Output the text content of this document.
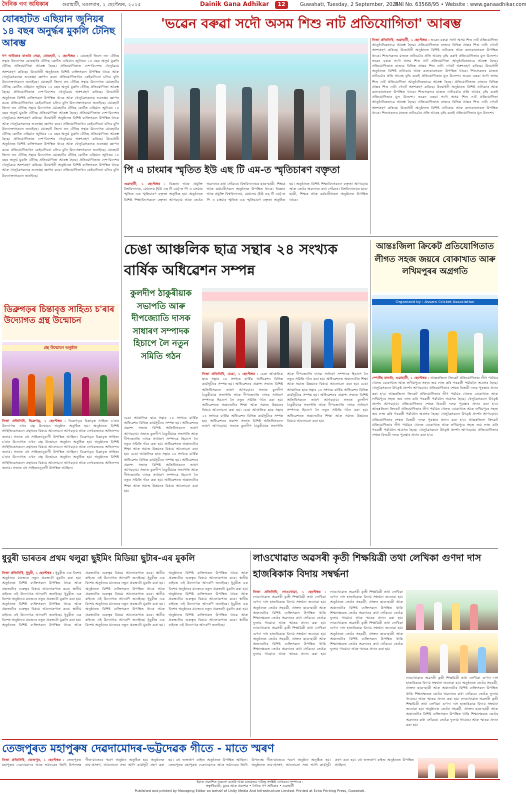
দৈনিক গণ অধিকাৰ	গুৱাহাটী, মঙলবাৰ, ২ ছেপ্টেম্বৰ, ২০২৫	Dainik Gana Adhikar	12	Guwahati, Tuesday, 2 September, 2025
RNI No. 63568/95 • Website : www.ganaadhikar.com
যোৰহাটত এছিয়ান জুনিয়ৰ ১৪ বছৰ অনুৰ্দ্ধৰ মুকলি টেনিছ আৰম্ভ

গণ অধিকাৰ বাতৰি সেৱা, যোৰহাট, ১ ছেপ্টেম্বৰ : যোৰহাট জিলা লন টেনিছ সন্থাৰ উদ্যোগত যোৰহাটৰ টেনিছ কোৰ্টত এছিয়ান জুনিয়ৰ ১৪ বছৰ অনুৰ্দ্ধ মুকলি টেনিছ প্ৰতিযোগিতা আৰম্ভ হৈছে। প্ৰতিযোগিতাত দেশ-বিদেশৰ খেলুৱৈয়ে অংশগ্ৰহণ কৰিছে। উদ্বোধনী অনুষ্ঠানত বিশিষ্ট ব্যক্তিসকল উপস্থিত থাকে আৰু খেলুৱৈসকলক শুভেচ্ছা জ্ঞাপন কৰে। প্ৰতিযোগিতাখন কেইবাদিনো চলিব বুলি উদ্যোক্তাসকলে জনাইছে। যোৰহাট জিলা লন টেনিছ সন্থাৰ উদ্যোগত যোৰহাটৰ টেনিছ কোৰ্টত এছিয়ান জুনিয়ৰ ১৪ বছৰ অনুৰ্দ্ধ মুকলি টেনিছ প্ৰতিযোগিতা আৰম্ভ হৈছে। প্ৰতিযোগিতাত দেশ-বিদেশৰ খেলুৱৈয়ে অংশগ্ৰহণ কৰিছে। উদ্বোধনী অনুষ্ঠানত বিশিষ্ট ব্যক্তিসকল উপস্থিত থাকে আৰু খেলুৱৈসকলক শুভেচ্ছা জ্ঞাপন কৰে। প্ৰতিযোগিতাখন কেইবাদিনো চলিব বুলি উদ্যোক্তাসকলে জনাইছে। যোৰহাট জিলা লন টেনিছ সন্থাৰ উদ্যোগত যোৰহাটৰ টেনিছ কোৰ্টত এছিয়ান জুনিয়ৰ ১৪ বছৰ অনুৰ্দ্ধ মুকলি টেনিছ প্ৰতিযোগিতা আৰম্ভ হৈছে। প্ৰতিযোগিতাত দেশ-বিদেশৰ খেলুৱৈয়ে অংশগ্ৰহণ কৰিছে। উদ্বোধনী অনুষ্ঠানত বিশিষ্ট ব্যক্তিসকল উপস্থিত থাকে আৰু খেলুৱৈসকলক শুভেচ্ছা জ্ঞাপন কৰে। প্ৰতিযোগিতাখন কেইবাদিনো চলিব বুলি উদ্যোক্তাসকলে জনাইছে। যোৰহাট জিলা লন টেনিছ সন্থাৰ উদ্যোগত যোৰহাটৰ টেনিছ কোৰ্টত এছিয়ান জুনিয়ৰ ১৪ বছৰ অনুৰ্দ্ধ মুকলি টেনিছ প্ৰতিযোগিতা আৰম্ভ হৈছে। প্ৰতিযোগিতাত দেশ-বিদেশৰ খেলুৱৈয়ে অংশগ্ৰহণ কৰিছে। উদ্বোধনী অনুষ্ঠানত বিশিষ্ট ব্যক্তিসকল উপস্থিত থাকে আৰু খেলুৱৈসকলক শুভেচ্ছা জ্ঞাপন কৰে। প্ৰতিযোগিতাখন কেইবাদিনো চলিব বুলি উদ্যোক্তাসকলে জনাইছে। যোৰহাট জিলা লন টেনিছ সন্থাৰ উদ্যোগত যোৰহাটৰ টেনিছ কোৰ্টত এছিয়ান জুনিয়ৰ ১৪ বছৰ অনুৰ্দ্ধ মুকলি টেনিছ প্ৰতিযোগিতা আৰম্ভ হৈছে। প্ৰতিযোগিতাত দেশ-বিদেশৰ খেলুৱৈয়ে অংশগ্ৰহণ কৰিছে। উদ্বোধনী অনুষ্ঠানত বিশিষ্ট ব্যক্তিসকল উপস্থিত থাকে আৰু খেলুৱৈসকলক শুভেচ্ছা জ্ঞাপন কৰে। প্ৰতিযোগিতাখন কেইবাদিনো চলিব বুলি উদ্যোক্তাসকলে জনাইছে।

ডিব্ৰুগড়ৰ চিন্তাবৃত্ত সাহিত্য চ'ৰাৰ উদ্যোগত গ্ৰন্থ উন্মোচন
গ্ৰন্থ উন্মোচন অনুষ্ঠান

নিজা প্ৰতিনিধি, ডিব্ৰুগড়, ১ ছেপ্টেম্বৰ : ডিব্ৰুগড়ৰ চিন্তাবৃত্ত সাহিত্য চ'ৰাৰ উদ্যোগত এখন গ্ৰন্থ উন্মোচন অনুষ্ঠান অনুষ্ঠিত হয়। অনুষ্ঠানত বিশিষ্ট সাহিত্যিকসকলে গ্ৰন্থখনৰ বিষয়ে আলোচনা আগবঢ়ায় আৰু লেখকজনক অভিনন্দন জনায়। সভাত বহু সাহিত্যানুৰাগী উপস্থিত আছিল। ডিব্ৰুগড়ৰ চিন্তাবৃত্ত সাহিত্য চ'ৰাৰ উদ্যোগত এখন গ্ৰন্থ উন্মোচন অনুষ্ঠান অনুষ্ঠিত হয়। অনুষ্ঠানত বিশিষ্ট সাহিত্যিকসকলে গ্ৰন্থখনৰ বিষয়ে আলোচনা আগবঢ়ায় আৰু লেখকজনক অভিনন্দন জনায়। সভাত বহু সাহিত্যানুৰাগী উপস্থিত আছিল। ডিব্ৰুগড়ৰ চিন্তাবৃত্ত সাহিত্য চ'ৰাৰ উদ্যোগত এখন গ্ৰন্থ উন্মোচন অনুষ্ঠান অনুষ্ঠিত হয়। অনুষ্ঠানত বিশিষ্ট সাহিত্যিকসকলে গ্ৰন্থখনৰ বিষয়ে আলোচনা আগবঢ়ায় আৰু লেখকজনক অভিনন্দন জনায়। সভাত বহু সাহিত্যানুৰাগী উপস্থিত আছিল।

'ভৱেন বৰুৱা সদৌ অসম শিশু নাট প্ৰতিযোগিতা' আৰম্ভ

নিজা প্ৰতিনিধি, গুৱাহাটী, ১ ছেপ্টেম্বৰ : ভৱেন বৰুৱা সদৌ অসম শিশু নাট প্ৰতিযোগিতা আনুষ্ঠানিকভাৱে আৰম্ভ হৈছে। প্ৰতিযোগিতাত ৰাজ্যৰ বিভিন্ন প্ৰান্তৰ শিশু নাট্য গোটে অংশগ্ৰহণ কৰিছে। উদ্বোধনী অনুষ্ঠানত বিশিষ্ট নাট্যকাৰ আৰু কলাকাৰসকল উপস্থিত থাকে। শিশুসকলৰ মাজত নাট্যচৰ্চাৰ প্ৰতি আগ্ৰহ বৃদ্ধি কৰাই প্ৰতিযোগিতাৰ মূল উদ্দেশ্য। ভৱেন বৰুৱা সদৌ অসম শিশু নাট প্ৰতিযোগিতা আনুষ্ঠানিকভাৱে আৰম্ভ হৈছে। প্ৰতিযোগিতাত ৰাজ্যৰ বিভিন্ন প্ৰান্তৰ শিশু নাট্য গোটে অংশগ্ৰহণ কৰিছে। উদ্বোধনী অনুষ্ঠানত বিশিষ্ট নাট্যকাৰ আৰু কলাকাৰসকল উপস্থিত থাকে। শিশুসকলৰ মাজত নাট্যচৰ্চাৰ প্ৰতি আগ্ৰহ বৃদ্ধি কৰাই প্ৰতিযোগিতাৰ মূল উদ্দেশ্য। ভৱেন বৰুৱা সদৌ অসম শিশু নাট প্ৰতিযোগিতা আনুষ্ঠানিকভাৱে আৰম্ভ হৈছে। প্ৰতিযোগিতাত ৰাজ্যৰ বিভিন্ন প্ৰান্তৰ শিশু নাট্য গোটে অংশগ্ৰহণ কৰিছে। উদ্বোধনী অনুষ্ঠানত বিশিষ্ট নাট্যকাৰ আৰু কলাকাৰসকল উপস্থিত থাকে। শিশুসকলৰ মাজত নাট্যচৰ্চাৰ প্ৰতি আগ্ৰহ বৃদ্ধি কৰাই প্ৰতিযোগিতাৰ মূল উদ্দেশ্য। ভৱেন বৰুৱা সদৌ অসম শিশু নাট প্ৰতিযোগিতা আনুষ্ঠানিকভাৱে আৰম্ভ হৈছে। প্ৰতিযোগিতাত ৰাজ্যৰ বিভিন্ন প্ৰান্তৰ শিশু নাট্য গোটে অংশগ্ৰহণ কৰিছে। উদ্বোধনী অনুষ্ঠানত বিশিষ্ট নাট্যকাৰ আৰু কলাকাৰসকল উপস্থিত থাকে। শিশুসকলৰ মাজত নাট্যচৰ্চাৰ প্ৰতি আগ্ৰহ বৃদ্ধি কৰাই প্ৰতিযোগিতাৰ মূল উদ্দেশ্য।

পি এ চাংমাৰ স্মৃতিত ইউ এছ টি এম-ত স্মৃতিচাৰণ বক্তৃতা

গুৱাহাটী, ১ ছেপ্টেম্বৰ : বিজ্ঞান আৰু প্ৰযুক্তি বিশ্ববিদ্যালয়, মেঘালয় (ইউ এছ টি এম)-ত পি এ চাংমাৰ স্মৃতিত এক স্মৃতিচাৰণ বক্তৃতা অনুষ্ঠিত হয়। অনুষ্ঠানত বিশিষ্ট শিক্ষাবিদসকলে বক্তৃতা আগবঢ়ায় আৰু তেওঁৰ অৱদানৰ কথা সোঁৱৰে। বিশ্ববিদ্যালয়ৰ ছাত্ৰ-ছাত্ৰী, শিক্ষক আৰু কৰ্মচাৰীসকল অনুষ্ঠানত উপস্থিত থাকে। বিজ্ঞান আৰু প্ৰযুক্তি বিশ্ববিদ্যালয়, মেঘালয় (ইউ এছ টি এম)-ত পি এ চাংমাৰ স্মৃতিত এক স্মৃতিচাৰণ বক্তৃতা অনুষ্ঠিত হয়। অনুষ্ঠানত বিশিষ্ট শিক্ষাবিদসকলে বক্তৃতা আগবঢ়ায় আৰু তেওঁৰ অৱদানৰ কথা সোঁৱৰে। বিশ্ববিদ্যালয়ৰ ছাত্ৰ-ছাত্ৰী, শিক্ষক আৰু কৰ্মচাৰীসকল অনুষ্ঠানত উপস্থিত থাকে।

চেঙা আঞ্চলিক ছাত্ৰ সন্থাৰ ২৪ সংখ্যক বাৰ্ষিক অধিৱেশন সম্পন্ন
কুলদীপ ঠাকুৰীয়াক সভাপতি আৰু দীপজ্যোতি দাসক সাধাৰণ সম্পাদক হিচাপে লৈ নতুন সমিতি গঠন

নিজা প্ৰতিনিধি, চেঙা, ১ ছেপ্টেম্বৰ : চেঙা আঞ্চলিক ছাত্ৰ সন্থাৰ ২৪ সংখ্যক বাৰ্ষিক অধিৱেশন বিভিন্ন কাৰ্যসূচীৰে সম্পন্ন হয়। অধিৱেশনৰ প্ৰকাশ্য সভাত বিশিষ্ট অতিথিসকলে ভাষণ আগবঢ়ায়। সভাত কুলদীপ ঠাকুৰীয়াক সভাপতি আৰু দীপজ্যোতি দাসক সাধাৰণ সম্পাদক হিচাপে লৈ নতুন সমিতি গঠন কৰা হয়। অধিৱেশনত অঞ্চলটোৰ শিক্ষা আৰু সমাজ উন্নয়নৰ বিষয়ে আলোচনা কৰা হয়। চেঙা আঞ্চলিক ছাত্ৰ সন্থাৰ ২৪ সংখ্যক বাৰ্ষিক অধিৱেশন বিভিন্ন কাৰ্যসূচীৰে সম্পন্ন হয়। অধিৱেশনৰ প্ৰকাশ্য সভাত বিশিষ্ট অতিথিসকলে ভাষণ আগবঢ়ায়। সভাত কুলদীপ ঠাকুৰীয়াক সভাপতি আৰু দীপজ্যোতি দাসক সাধাৰণ সম্পাদক হিচাপে লৈ নতুন সমিতি গঠন কৰা হয়। অধিৱেশনত অঞ্চলটোৰ শিক্ষা আৰু সমাজ উন্নয়নৰ বিষয়ে আলোচনা কৰা হয়। চেঙা আঞ্চলিক ছাত্ৰ সন্থাৰ ২৪ সংখ্যক বাৰ্ষিক অধিৱেশন বিভিন্ন কাৰ্যসূচীৰে সম্পন্ন হয়। অধিৱেশনৰ প্ৰকাশ্য সভাত বিশিষ্ট অতিথিসকলে ভাষণ আগবঢ়ায়। সভাত কুলদীপ ঠাকুৰীয়াক সভাপতি আৰু দীপজ্যোতি দাসক সাধাৰণ সম্পাদক হিচাপে লৈ নতুন সমিতি গঠন কৰা হয়। অধিৱেশনত অঞ্চলটোৰ শিক্ষা আৰু সমাজ উন্নয়নৰ বিষয়ে আলোচনা কৰা হয়।

চেঙা আঞ্চলিক ছাত্ৰ সন্থাৰ ২৪ সংখ্যক বাৰ্ষিক অধিৱেশন বিভিন্ন কাৰ্যসূচীৰে সম্পন্ন হয়। অধিৱেশনৰ প্ৰকাশ্য সভাত বিশিষ্ট অতিথিসকলে ভাষণ আগবঢ়ায়। সভাত কুলদীপ ঠাকুৰীয়াক সভাপতি আৰু দীপজ্যোতি দাসক সাধাৰণ সম্পাদক হিচাপে লৈ নতুন সমিতি গঠন কৰা হয়। অধিৱেশনত অঞ্চলটোৰ শিক্ষা আৰু সমাজ উন্নয়নৰ বিষয়ে আলোচনা কৰা হয়। চেঙা আঞ্চলিক ছাত্ৰ সন্থাৰ ২৪ সংখ্যক বাৰ্ষিক অধিৱেশন বিভিন্ন কাৰ্যসূচীৰে সম্পন্ন হয়। অধিৱেশনৰ প্ৰকাশ্য সভাত বিশিষ্ট অতিথিসকলে ভাষণ আগবঢ়ায়। সভাত কুলদীপ ঠাকুৰীয়াক সভাপতি আৰু দীপজ্যোতি দাসক সাধাৰণ সম্পাদক হিচাপে লৈ নতুন সমিতি গঠন কৰা হয়। অধিৱেশনত অঞ্চলটোৰ শিক্ষা আৰু সমাজ উন্নয়নৰ বিষয়ে আলোচনা কৰা হয়।

আন্তঃজিলা ক্ৰিকেট প্ৰতিযোগিতাত লীগত সহজ জয়ৰে বোকাখাত আৰু লখিমপুৰৰ অগ্ৰগতি
Organized by : Assam Cricket Association

স্পোৰ্টছ বাতৰি, গুৱাহাটী, ১ ছেপ্টেম্বৰ : আন্তঃজিলা ক্ৰিকেট প্ৰতিযোগিতাৰ লীগ পৰ্যায়ৰ খেলত বোকাখাত আৰু লখিমপুৰে সহজ জয় লাভ কৰি পৰৱৰ্তী পৰ্যায়লৈ অগ্ৰসৰ হৈছে। খেলুৱৈসকলে উৎকৃষ্ট প্ৰদৰ্শন আগবঢ়ায়। প্ৰতিযোগিতাৰ শেষত বিজয়ী দলক পুৰস্কাৰ প্ৰদান কৰা হ'ব। আন্তঃজিলা ক্ৰিকেট প্ৰতিযোগিতাৰ লীগ পৰ্যায়ৰ খেলত বোকাখাত আৰু লখিমপুৰে সহজ জয় লাভ কৰি পৰৱৰ্তী পৰ্যায়লৈ অগ্ৰসৰ হৈছে। খেলুৱৈসকলে উৎকৃষ্ট প্ৰদৰ্শন আগবঢ়ায়। প্ৰতিযোগিতাৰ শেষত বিজয়ী দলক পুৰস্কাৰ প্ৰদান কৰা হ'ব। আন্তঃজিলা ক্ৰিকেট প্ৰতিযোগিতাৰ লীগ পৰ্যায়ৰ খেলত বোকাখাত আৰু লখিমপুৰে সহজ জয় লাভ কৰি পৰৱৰ্তী পৰ্যায়লৈ অগ্ৰসৰ হৈছে। খেলুৱৈসকলে উৎকৃষ্ট প্ৰদৰ্শন আগবঢ়ায়। প্ৰতিযোগিতাৰ শেষত বিজয়ী দলক পুৰস্কাৰ প্ৰদান কৰা হ'ব। আন্তঃজিলা ক্ৰিকেট প্ৰতিযোগিতাৰ লীগ পৰ্যায়ৰ খেলত বোকাখাত আৰু লখিমপুৰে সহজ জয় লাভ কৰি পৰৱৰ্তী পৰ্যায়লৈ অগ্ৰসৰ হৈছে। খেলুৱৈসকলে উৎকৃষ্ট প্ৰদৰ্শন আগবঢ়ায়। প্ৰতিযোগিতাৰ শেষত বিজয়ী দলক পুৰস্কাৰ প্ৰদান কৰা হ'ব।

ধুবুৰী ভাৰতৰ প্ৰথম থলুৱা ছুইমিং মিডিয়া ছুটাৰ-এৰ মুকলি

নিজা প্ৰতিনিধি, ধুবুৰী, ১ ছেপ্টেম্বৰ : ধুবুৰীত এক বিশেষ অনুষ্ঠানৰ মাজেৰে নতুন প্ৰকল্পটো মুকলি কৰা হয়। অনুষ্ঠানত বিশিষ্ট ব্যক্তিসকল উপস্থিত থাকে আৰু প্ৰকল্পটোৰ গুৰুত্বৰ বিষয়ে আলোকপাত কৰে। স্থানীয় ৰাইজে এই উদ্যোগক আদৰণি জনাইছে। ধুবুৰীত এক বিশেষ অনুষ্ঠানৰ মাজেৰে নতুন প্ৰকল্পটো মুকলি কৰা হয়। অনুষ্ঠানত বিশিষ্ট ব্যক্তিসকল উপস্থিত থাকে আৰু প্ৰকল্পটোৰ গুৰুত্বৰ বিষয়ে আলোকপাত কৰে। স্থানীয় ৰাইজে এই উদ্যোগক আদৰণি জনাইছে। ধুবুৰীত এক বিশেষ অনুষ্ঠানৰ মাজেৰে নতুন প্ৰকল্পটো মুকলি কৰা হয়। অনুষ্ঠানত বিশিষ্ট ব্যক্তিসকল উপস্থিত থাকে আৰু প্ৰকল্পটোৰ গুৰুত্বৰ বিষয়ে আলোকপাত কৰে। স্থানীয় ৰাইজে এই উদ্যোগক আদৰণি জনাইছে। ধুবুৰীত এক বিশেষ অনুষ্ঠানৰ মাজেৰে নতুন প্ৰকল্পটো মুকলি কৰা হয়। অনুষ্ঠানত বিশিষ্ট ব্যক্তিসকল উপস্থিত থাকে আৰু প্ৰকল্পটোৰ গুৰুত্বৰ বিষয়ে আলোকপাত কৰে। স্থানীয় ৰাইজে এই উদ্যোগক আদৰণি জনাইছে। ধুবুৰীত এক বিশেষ অনুষ্ঠানৰ মাজেৰে নতুন প্ৰকল্পটো মুকলি কৰা হয়। অনুষ্ঠানত বিশিষ্ট ব্যক্তিসকল উপস্থিত থাকে আৰু প্ৰকল্পটোৰ গুৰুত্বৰ বিষয়ে আলোকপাত কৰে। স্থানীয় ৰাইজে এই উদ্যোগক আদৰণি জনাইছে। ধুবুৰীত এক বিশেষ অনুষ্ঠানৰ মাজেৰে নতুন প্ৰকল্পটো মুকলি কৰা হয়। অনুষ্ঠানত বিশিষ্ট ব্যক্তিসকল উপস্থিত থাকে আৰু প্ৰকল্পটোৰ গুৰুত্বৰ বিষয়ে আলোকপাত কৰে। স্থানীয় ৰাইজে এই উদ্যোগক আদৰণি জনাইছে। ধুবুৰীত এক বিশেষ অনুষ্ঠানৰ মাজেৰে নতুন প্ৰকল্পটো মুকলি কৰা হয়। অনুষ্ঠানত বিশিষ্ট ব্যক্তিসকল উপস্থিত থাকে আৰু প্ৰকল্পটোৰ গুৰুত্বৰ বিষয়ে আলোকপাত কৰে। স্থানীয় ৰাইজে এই উদ্যোগক আদৰণি জনাইছে। ধুবুৰীত এক বিশেষ অনুষ্ঠানৰ মাজেৰে নতুন প্ৰকল্পটো মুকলি কৰা হয়। অনুষ্ঠানত বিশিষ্ট ব্যক্তিসকল উপস্থিত থাকে আৰু প্ৰকল্পটোৰ গুৰুত্বৰ বিষয়ে আলোকপাত কৰে। স্থানীয় ৰাইজে এই উদ্যোগক আদৰণি জনাইছে।

লাওখোৱাত অৱসৰী কৃতী শিক্ষয়িত্ৰী তথা লেখিকা গুণদা দাস হাজৰিকাক বিদায় সম্বৰ্দ্ধনা

নিজা প্ৰতিনিধি, লাওখোৱা, ১ ছেপ্টেম্বৰ : লাওখোৱাত অৱসৰী কৃতী শিক্ষয়িত্ৰী তথা লেখিকা গুণদা দাস হাজৰিকাক বিদায় সম্বৰ্দ্ধনা জনোৱা হয়। অনুষ্ঠানত তেওঁৰ সহকৰ্মী, প্ৰাক্তন ছাত্ৰ-ছাত্ৰী আৰু অঞ্চলটোৰ বিশিষ্ট ব্যক্তিসকল উপস্থিত থাকি শিক্ষাক্ষেত্ৰত তেওঁৰ অৱদানৰ কথা সোঁৱৰে। তেওঁক ফুলাম গামোচা আৰু স্মাৰক প্ৰদান কৰা হয়। লাওখোৱাত অৱসৰী কৃতী শিক্ষয়িত্ৰী তথা লেখিকা গুণদা দাস হাজৰিকাক বিদায় সম্বৰ্দ্ধনা জনোৱা হয়। অনুষ্ঠানত তেওঁৰ সহকৰ্মী, প্ৰাক্তন ছাত্ৰ-ছাত্ৰী আৰু অঞ্চলটোৰ বিশিষ্ট ব্যক্তিসকল উপস্থিত থাকি শিক্ষাক্ষেত্ৰত তেওঁৰ অৱদানৰ কথা সোঁৱৰে। তেওঁক ফুলাম গামোচা আৰু স্মাৰক প্ৰদান কৰা হয়। লাওখোৱাত অৱসৰী কৃতী শিক্ষয়িত্ৰী তথা লেখিকা গুণদা দাস হাজৰিকাক বিদায় সম্বৰ্দ্ধনা জনোৱা হয়। অনুষ্ঠানত তেওঁৰ সহকৰ্মী, প্ৰাক্তন ছাত্ৰ-ছাত্ৰী আৰু অঞ্চলটোৰ বিশিষ্ট ব্যক্তিসকল উপস্থিত থাকি শিক্ষাক্ষেত্ৰত তেওঁৰ অৱদানৰ কথা সোঁৱৰে। তেওঁক ফুলাম গামোচা আৰু স্মাৰক প্ৰদান কৰা হয়। লাওখোৱাত অৱসৰী কৃতী শিক্ষয়িত্ৰী তথা লেখিকা গুণদা দাস হাজৰিকাক বিদায় সম্বৰ্দ্ধনা জনোৱা হয়। অনুষ্ঠানত তেওঁৰ সহকৰ্মী, প্ৰাক্তন ছাত্ৰ-ছাত্ৰী আৰু অঞ্চলটোৰ বিশিষ্ট ব্যক্তিসকল উপস্থিত থাকি শিক্ষাক্ষেত্ৰত তেওঁৰ অৱদানৰ কথা সোঁৱৰে। তেওঁক ফুলাম গামোচা আৰু স্মাৰক প্ৰদান কৰা হয়।

লাওখোৱাত অৱসৰী কৃতী শিক্ষয়িত্ৰী তথা লেখিকা গুণদা দাস হাজৰিকাক বিদায় সম্বৰ্দ্ধনা জনোৱা হয়। অনুষ্ঠানত তেওঁৰ সহকৰ্মী, প্ৰাক্তন ছাত্ৰ-ছাত্ৰী আৰু অঞ্চলটোৰ বিশিষ্ট ব্যক্তিসকল উপস্থিত থাকি শিক্ষাক্ষেত্ৰত তেওঁৰ অৱদানৰ কথা সোঁৱৰে। তেওঁক ফুলাম গামোচা আৰু স্মাৰক প্ৰদান কৰা হয়। লাওখোৱাত অৱসৰী কৃতী শিক্ষয়িত্ৰী তথা লেখিকা গুণদা দাস হাজৰিকাক বিদায় সম্বৰ্দ্ধনা জনোৱা হয়। অনুষ্ঠানত তেওঁৰ সহকৰ্মী, প্ৰাক্তন ছাত্ৰ-ছাত্ৰী আৰু অঞ্চলটোৰ বিশিষ্ট ব্যক্তিসকল উপস্থিত থাকি শিক্ষাক্ষেত্ৰত তেওঁৰ অৱদানৰ কথা সোঁৱৰে। তেওঁক ফুলাম গামোচা আৰু স্মাৰক প্ৰদান কৰা হয়।

তেজপুৰত মহাপুৰুষ দেৱদামোদৰ-ভট্টদেৱক গীতে - মাতে স্মৰণ

নিজা প্ৰতিনিধি, তেজপুৰ, ১ ছেপ্টেম্বৰ : তেজপুৰত মহাপুৰুষ দেৱদামোদৰ আৰু ভট্টদেৱৰ তিথি উপলক্ষে গীত-মাতেৰে স্মৰণ অনুষ্ঠান অনুষ্ঠিত হয়। অনুষ্ঠানত নাম-প্ৰসংগ, আলোচনা সভা আদি কাৰ্যসূচী গ্ৰহণ কৰা হয়। বহু ভক্তপ্ৰাণ ৰাইজ অনুষ্ঠানত উপস্থিত আছিল। তেজপুৰত মহাপুৰুষ দেৱদামোদৰ আৰু ভট্টদেৱৰ তিথি উপলক্ষে গীত-মাতেৰে স্মৰণ অনুষ্ঠান অনুষ্ঠিত হয়। অনুষ্ঠানত নাম-প্ৰসংগ, আলোচনা সভা আদি কাৰ্যসূচী গ্ৰহণ কৰা হয়। বহু ভক্তপ্ৰাণ ৰাইজ অনুষ্ঠানত উপস্থিত আছিল।

ইয়াত প্ৰকাশিত সকলো বাতৰি আৰু মতামতৰ দায়িত্ব সংশ্লিষ্ট লেখকৰ। সম্পাদক :
স্বত্বাধিকাৰী, মুদ্ৰক আৰু প্ৰকাশক • দৈনিক গণ অধিকাৰ • গুৱাহাটী
Published and printed by Managing Editor on behalf of Unity Media And Infrastructure Limited. Printed at Echo Printing Press, Guwahati.
